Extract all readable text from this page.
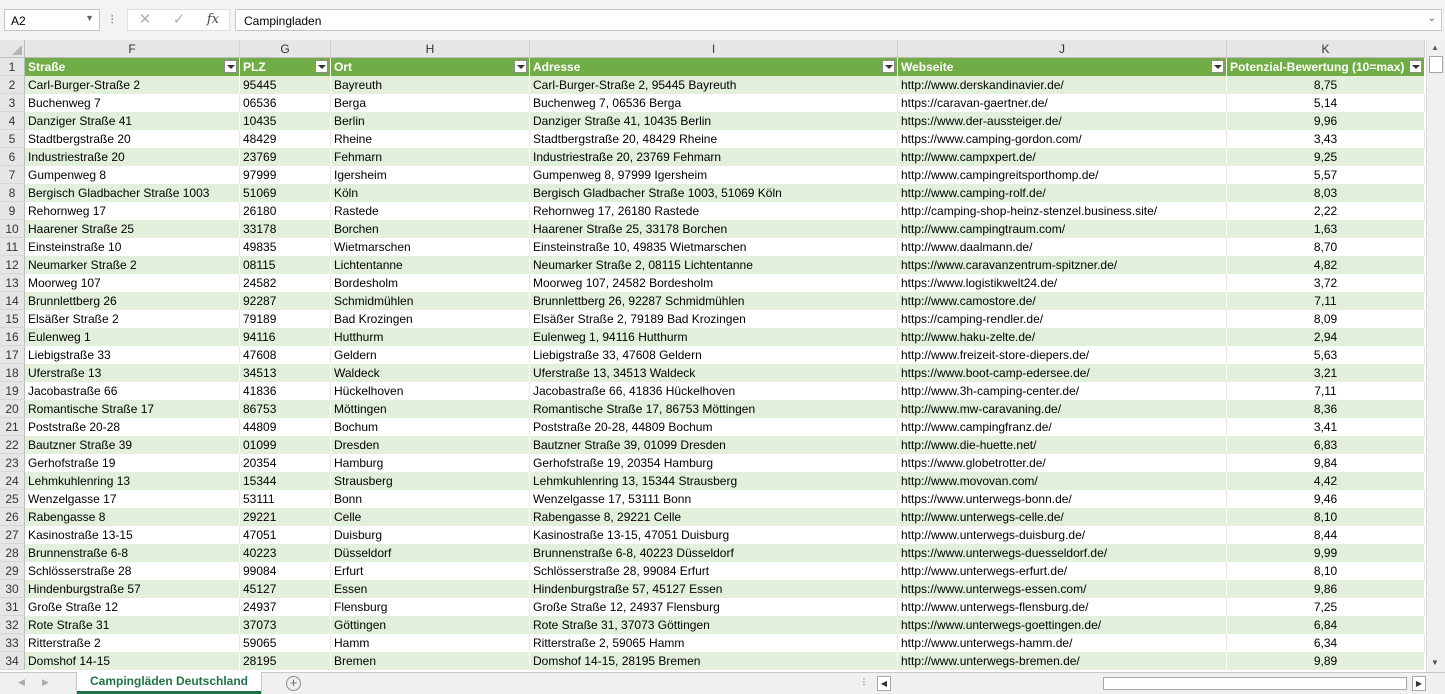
A2	▼ ⁝	✕	✓	fx	Campingladen	⌄
F	G	H	I	J	K
1	Straße	PLZ	Ort	Adresse	Webseite	Potenzial-Bewertung (10=max)
2	Carl-Burger-Straße 2	95445	Bayreuth	Carl-Burger-Straße 2, 95445 Bayreuth	http://www.derskandinavier.de/	8,75
3	Buchenweg 7	06536	Berga	Buchenweg 7, 06536 Berga	https://caravan-gaertner.de/	5,14
4	Danziger Straße 41	10435	Berlin	Danziger Straße 41, 10435 Berlin	https://www.der-aussteiger.de/	9,96
5	Stadtbergstraße 20	48429	Rheine	Stadtbergstraße 20, 48429 Rheine	https://www.camping-gordon.com/	3,43
6	Industriestraße 20	23769	Fehmarn	Industriestraße 20, 23769 Fehmarn	http://www.campxpert.de/	9,25
7	Gumpenweg 8	97999	Igersheim	Gumpenweg 8, 97999 Igersheim	http://www.campingreitsporthomp.de/	5,57
8	Bergisch Gladbacher Straße 1003	51069	Köln	Bergisch Gladbacher Straße 1003, 51069 Köln	http://www.camping-rolf.de/	8,03
9	Rehornweg 17	26180	Rastede	Rehornweg 17, 26180 Rastede	http://camping-shop-heinz-stenzel.business.site/	2,22
10 Haarener Straße 25	33178	Borchen	Haarener Straße 25, 33178 Borchen	http://www.campingtraum.com/	1,63
11 Einsteinstraße 10	49835	Wietmarschen	Einsteinstraße 10, 49835 Wietmarschen	http://www.daalmann.de/	8,70
12 Neumarker Straße 2	08115	Lichtentanne	Neumarker Straße 2, 08115 Lichtentanne	https://www.caravanzentrum-spitzner.de/	4,82
13 Moorweg 107	24582	Bordesholm	Moorweg 107, 24582 Bordesholm	https://www.logistikwelt24.de/	3,72
14 Brunnlettberg 26	92287	Schmidmühlen	Brunnlettberg 26, 92287 Schmidmühlen	http://www.camostore.de/	7,11
15 Elsäßer Straße 2	79189	Bad Krozingen	Elsäßer Straße 2, 79189 Bad Krozingen	https://camping-rendler.de/	8,09
16 Eulenweg 1	94116	Hutthurm	Eulenweg 1, 94116 Hutthurm	http://www.haku-zelte.de/	2,94
17 Liebigstraße 33	47608	Geldern	Liebigstraße 33, 47608 Geldern	http://www.freizeit-store-diepers.de/	5,63
18 Uferstraße 13	34513	Waldeck	Uferstraße 13, 34513 Waldeck	https://www.boot-camp-edersee.de/	3,21
19 Jacobastraße 66	41836	Hückelhoven	Jacobastraße 66, 41836 Hückelhoven	http://www.3h-camping-center.de/	7,11
20 Romantische Straße 17	86753	Möttingen	Romantische Straße 17, 86753 Möttingen	http://www.mw-caravaning.de/	8,36
21 Poststraße 20-28	44809	Bochum	Poststraße 20-28, 44809 Bochum	http://www.campingfranz.de/	3,41
22 Bautzner Straße 39	01099	Dresden	Bautzner Straße 39, 01099 Dresden	http://www.die-huette.net/	6,83
23 Gerhofstraße 19	20354	Hamburg	Gerhofstraße 19, 20354 Hamburg	https://www.globetrotter.de/	9,84
24 Lehmkuhlenring 13	15344	Strausberg	Lehmkuhlenring 13, 15344 Strausberg	http://www.movovan.com/	4,42
25 Wenzelgasse 17	53111	Bonn	Wenzelgasse 17, 53111 Bonn	https://www.unterwegs-bonn.de/	9,46
26 Rabengasse 8	29221	Celle	Rabengasse 8, 29221 Celle	http://www.unterwegs-celle.de/	8,10
27 Kasinostraße 13-15	47051	Duisburg	Kasinostraße 13-15, 47051 Duisburg	http://www.unterwegs-duisburg.de/	8,44
28 Brunnenstraße 6-8	40223	Düsseldorf	Brunnenstraße 6-8, 40223 Düsseldorf	https://www.unterwegs-duesseldorf.de/	9,99
29 Schlösserstraße 28	99084	Erfurt	Schlösserstraße 28, 99084 Erfurt	http://www.unterwegs-erfurt.de/	8,10
30 Hindenburgstraße 57	45127	Essen	Hindenburgstraße 57, 45127 Essen	https://www.unterwegs-essen.com/	9,86
31 Große Straße 12	24937	Flensburg	Große Straße 12, 24937 Flensburg	http://www.unterwegs-flensburg.de/	7,25
32 Rote Straße 31	37073	Göttingen	Rote Straße 31, 37073 Göttingen	https://www.unterwegs-goettingen.de/	6,84
33 Ritterstraße 2	59065	Hamm	Ritterstraße 2, 59065 Hamm	http://www.unterwegs-hamm.de/	6,34
34 Domshof 14-15	28195	Bremen	Domshof 14-15, 28195 Bremen	http://www.unterwegs-bremen.de/	9,89
▲
▼
◀ ▶	Campingläden Deutschland	+	⁝	◀	▶
